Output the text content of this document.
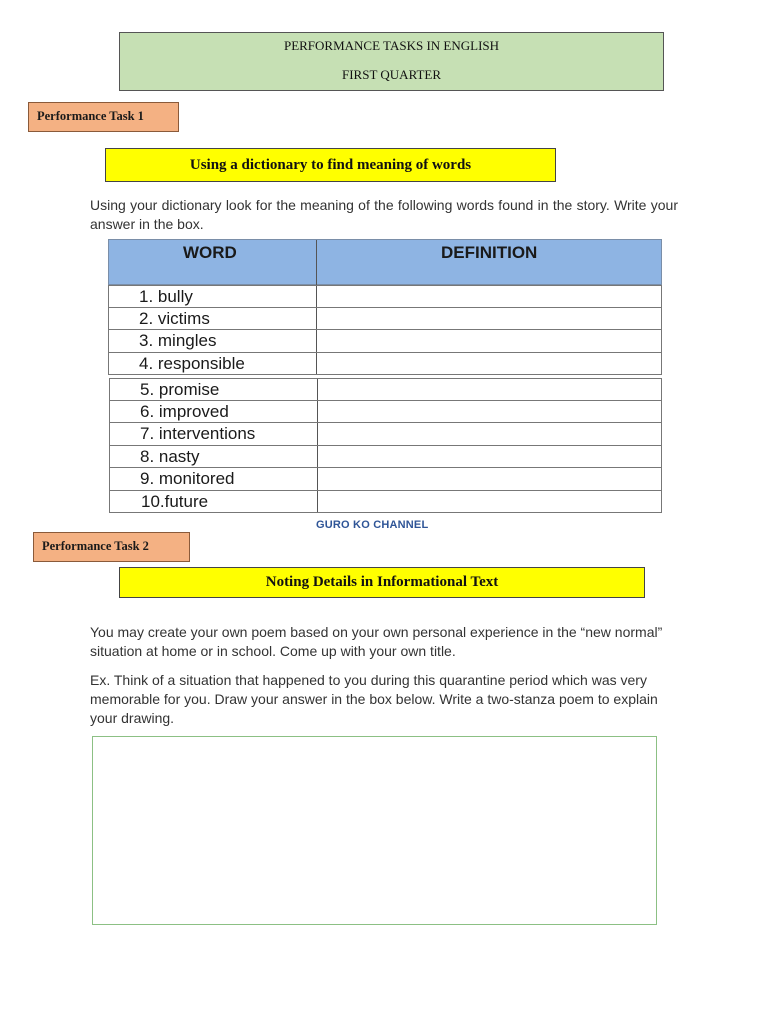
PERFORMANCE TASKS IN ENGLISH
FIRST QUARTER
Performance Task 1
Using a dictionary to find meaning of words
Using your dictionary look for the meaning of the following words found in the story. Write your answer in the box.
WORD	DEFINITION
1. bully
2. victims
3. mingles
4. responsible
5. promise
6. improved
7. interventions
8. nasty
9. monitored
10.future
GURO KO CHANNEL
Performance Task 2
Noting Details in Informational Text
You may create your own poem based on your own personal experience in the “new normal” situation at home or in school. Come up with your own title.
Ex. Think of a situation that happened to you during this quarantine period which was very memorable for you. Draw your answer in the box below. Write a two-stanza poem to explain your drawing.
